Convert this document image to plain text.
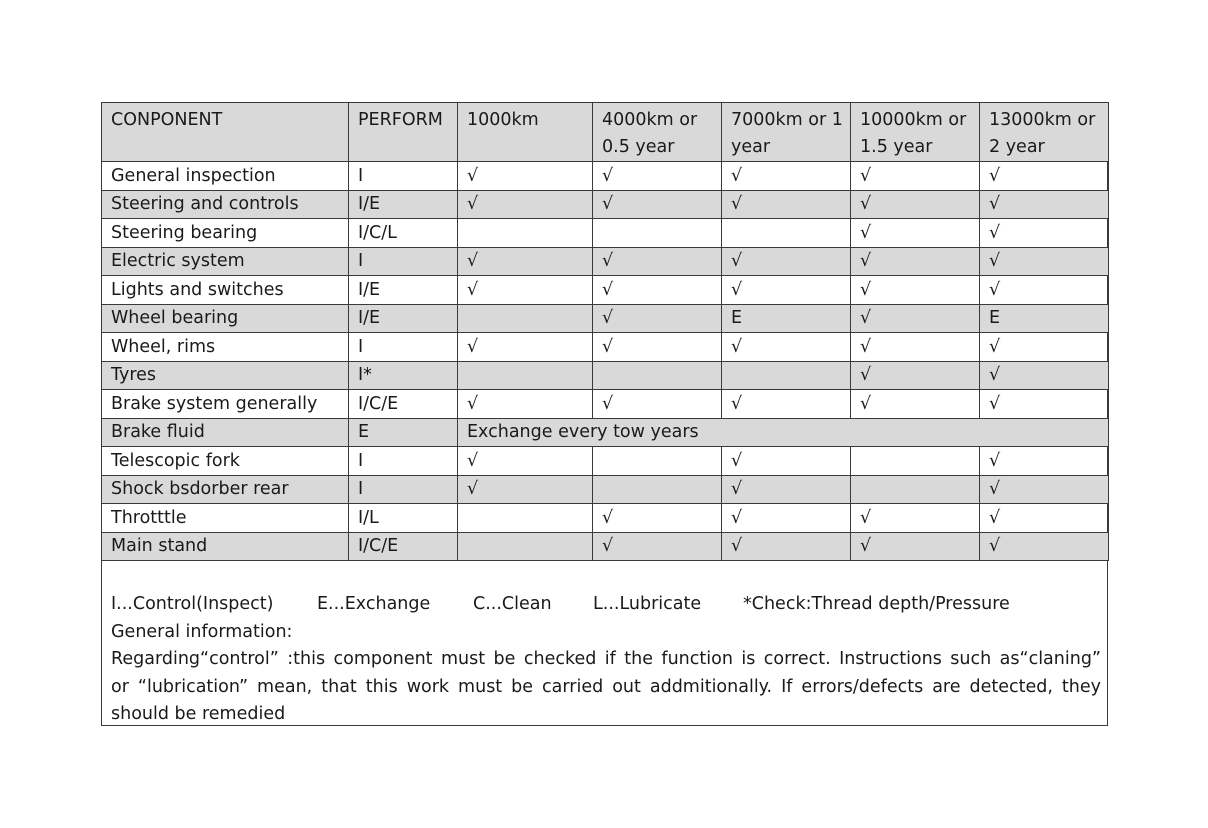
CONPONENT	PERFORM	1000km	4000km or 0.5 year	7000km or 1 year	10000km or 1.5 year	13000km or 2 year
General inspection	I	√	√	√	√	√
Steering and controls	I/E	√	√	√	√	√
Steering bearing	I/C/L				√	√
Electric system	I	√	√	√	√	√
Lights and switches	I/E	√	√	√	√	√
Wheel bearing	I/E		√	E	√	E
Wheel, rims	I	√	√	√	√	√
Tyres	I*				√	√
Brake system generally	I/C/E	√	√	√	√	√
Brake fluid	E	Exchange every tow years				
Telescopic fork	I	√		√		√
Shock bsdorber rear	I	√		√		√
Throtttle	I/L		√	√	√	√
Main stand	I/C/E		√	√	√	√
I...Control(Inspect)	E...Exchange	C...Clean	L...Lubricate	*Check:Thread depth/Pressure
General information:
Regarding“control” :this component must be checked if the function is correct. Instructions such as“claning”
or “lubrication” mean, that this work must be carried out addmitionally. If errors/defects are detected, they
should be remedied
